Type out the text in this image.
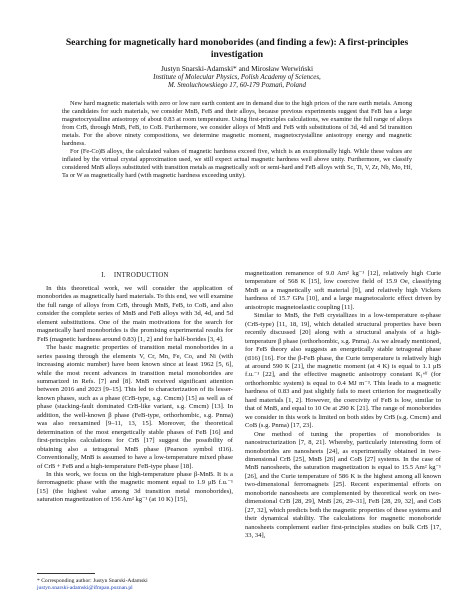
Searching for magnetically hard monoborides (and finding a few): A first-principles investigation
Justyn Snarski-Adamski* and Mirosław Werwiński
Institute of Molecular Physics, Polish Academy of Sciences,
M. Smoluchowskiego 17, 60-179 Poznań, Poland

New hard magnetic materials with zero or low rare earth content are in demand due to the high prices of the rare earth metals. Among the candidates for such materials, we consider MnB, FeB and their alloys, because previous experiments suggest that FeB has a large magnetocrystalline anisotropy of about 0.83 at room temperature. Using first-principles calculations, we examine the full range of alloys from CrB, through MnB, FeB, to CoB. Furthermore, we consider alloys of MnB and FeB with substitutions of 3d, 4d and 5d transition metals. For the above ninety compositions, we determine magnetic moment, magnetocrystalline anisotropy energy and magnetic hardness.

For (Fe-Co)B alloys, the calculated values of magnetic hardness exceed five, which is an exceptionally high. While these values are inflated by the virtual crystal approximation used, we still expect actual magnetic hardness well above unity. Furthermore, we classify considered MnB alloys substituted with transition metals as magnetically soft or semi-hard and FeB alloys with Sc, Ti, V, Zr, Nb, Mo, Hf, Ta or W as magnetically hard (with magnetic hardness exceeding unity).

I. INTRODUCTION

In this theoretical work, we will consider the application of monoborides as magnetically hard materials. To this end, we will examine the full range of alloys from CrB, through MnB, FeB, to CoB, and also consider the complete series of MnB and FeB alloys with 3d, 4d, and 5d element substitutions. One of the main motivations for the search for magnetically hard monoborides is the promising experimental results for FeB (magnetic hardness around 0.83) [1, 2] and for half-borides [3, 4].

The basic magnetic properties of transition metal monoborides in a series passing through the elements V, Cr, Mn, Fe, Co, and Ni (with increasing atomic number) have been known since at least 1962 [5, 6], while the most recent advances in transition metal monoborides are summarized in Refs. [7] and [8]. MnB received significant attention between 2016 and 2023 [9–15]. This led to characterization of its lesser-known phases, such as a phase (CrB-type, s.g. Cmcm) [15] as well as of phase (stacking-fault dominated CrB-like variant, s.g. Cmcm) [13]. In addition, the well-known β phase (FeB-type, orthorhombic, s.g. Pnma) was also reexamined [9–11, 13, 15]. Moreover, the theoretical determination of the most energetically stable phases of FeB [16] and first-principles calculations for CrB [17] suggest the possibility of obtaining also a tetragonal MnB phase (Pearson symbol tI16). Conventionally, MnB is assumed to have a low-temperature mixed phase of CrB + FeB and a high-temperature FeB-type phase [18].

In this work, we focus on the high-temperature phase β-MnB. It is a ferromagnetic phase with the magnetic moment equal to 1.9 μB f.u.⁻¹ [15] (the highest value among 3d transition metal monoborides), saturation magnetization of 156 Am² kg⁻¹ (at 10 K) [15],

magnetization remanence of 9.0 Am² kg⁻¹ [12], relatively high Curie temperature of 568 K [15], low coercive field of 15.9 Oe, classifying MnB as a magnetically soft material [9], and relatively high Vickers hardness of 15.7 GPa [10], and a large magnetocaloric effect driven by anisotropic magnetoelastic coupling [11].

Similar to MnB, the FeB crystallizes in a low-temperature α-phase (CrB-type) [11, 18, 19], which detailed structural properties have been recently discussed [20] along with a structural analysis of a high-temperature β phase (orthorhombic, s.g. Pnma). As we already mentioned, for FeB theory also suggests an energetically stable tetragonal phase (tI16) [16]. For the β-FeB phase, the Curie temperature is relatively high at around 590 K [21], the magnetic moment (at 4 K) is equal to 1.1 μB f.u.⁻¹ [22], and the effective magnetic anisotropy constant K₁ᵉᶠᶠ (for orthorhombic system) is equal to 0.4 MJ m⁻³. This leads to a magnetic hardness of 0.83 and just slightly fails to meet criterion for magnetically hard materials [1, 2]. However, the coercivity of FeB is low, similar to that of MnB, and equal to 10 Oe at 290 K [21]. The range of monoborides we consider in this work is limited on both sides by CrB (s.g. Cmcm) and CoB (s.g. Pnma) [17, 23].

One method of tuning the properties of monoborides is nanostructurization [7, 8, 21]. Whereby, particularly interesting form of monoborides are nanosheets [24], as experimentally obtained in two-dimensional CrB [25], MnB [26] and CoB [27] systems. In the case of MnB nanosheets, the saturation magnetization is equal to 15.5 Am² kg⁻¹ [26], and the Curie temperature of 586 K is the highest among all known two-dimensional ferromagnets [25]. Recent experimental efforts on monoboride nanosheets are complemented by theoretical work on two-dimensional CrB [28, 29], MnB [26, 29–31], FeB [28, 29, 32], and CoB [27, 32], which predicts both the magnetic properties of these systems and their dynamical stability. The calculations for magnetic monoboride nanosheets complement earlier first-principles studies on bulk CrB [17, 33, 34],

* Corresponding author: Justyn Snarski-Adamski
justyn.snarski-adamski@ifmpan.poznan.pl
